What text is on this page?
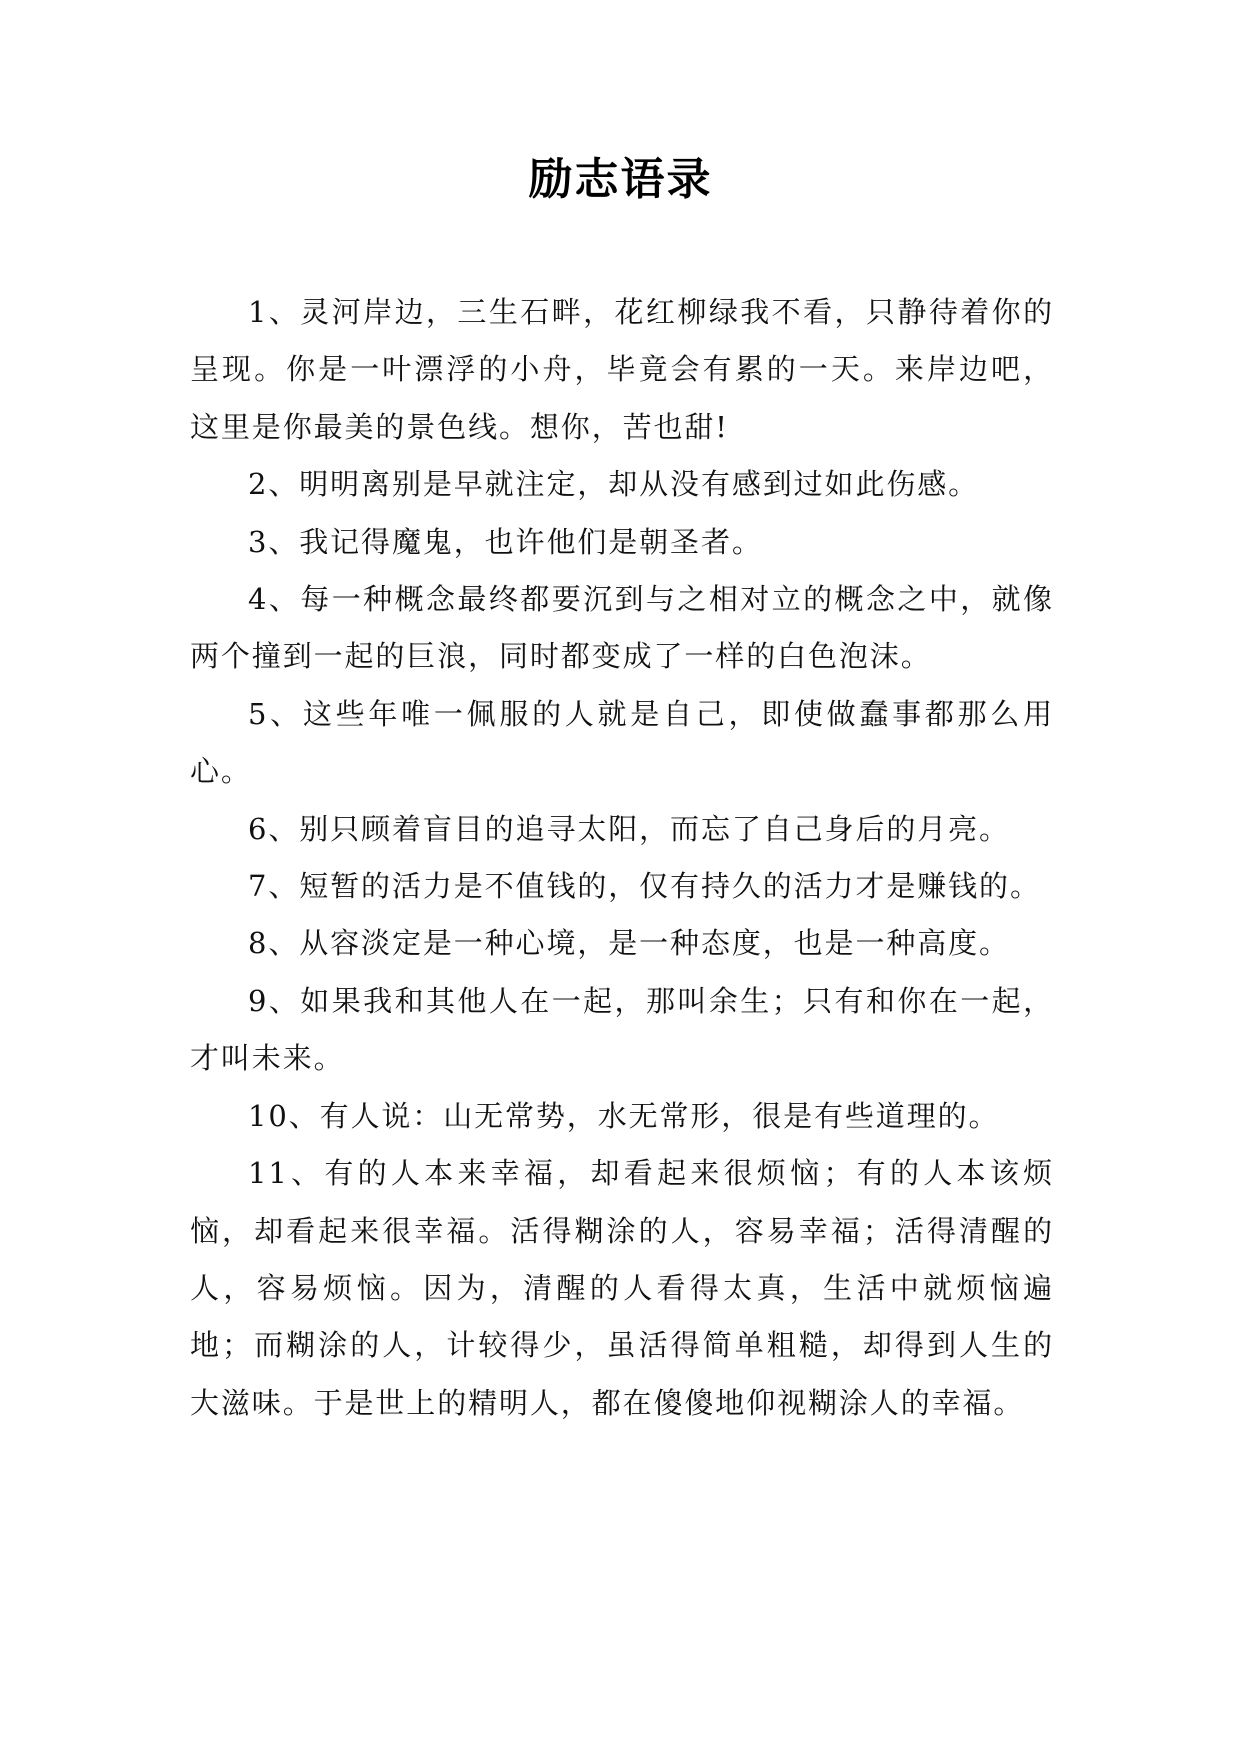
励志语录

1、灵河岸边，三生石畔，花红柳绿我不看，只静待着你的呈现。你是一叶漂浮的小舟，毕竟会有累的一天。来岸边吧，这里是你最美的景色线。想你，苦也甜!

2、明明离别是早就注定，却从没有感到过如此伤感。

3、我记得魔鬼，也许他们是朝圣者。

4、每一种概念最终都要沉到与之相对立的概念之中，就像两个撞到一起的巨浪，同时都变成了一样的白色泡沫。

5、这些年唯一佩服的人就是自己，即使做蠢事都那么用心。

6、别只顾着盲目的追寻太阳，而忘了自己身后的月亮。

7、短暂的活力是不值钱的，仅有持久的活力才是赚钱的。

8、从容淡定是一种心境，是一种态度，也是一种高度。

9、如果我和其他人在一起，那叫余生；只有和你在一起，才叫未来。

10、有人说：山无常势，水无常形，很是有些道理的。

11、有的人本来幸福，却看起来很烦恼；有的人本该烦恼，却看起来很幸福。活得糊涂的人，容易幸福；活得清醒的人，容易烦恼。因为，清醒的人看得太真，生活中就烦恼遍地；而糊涂的人，计较得少，虽活得简单粗糙，却得到人生的大滋味。于是世上的精明人，都在傻傻地仰视糊涂人的幸福。
